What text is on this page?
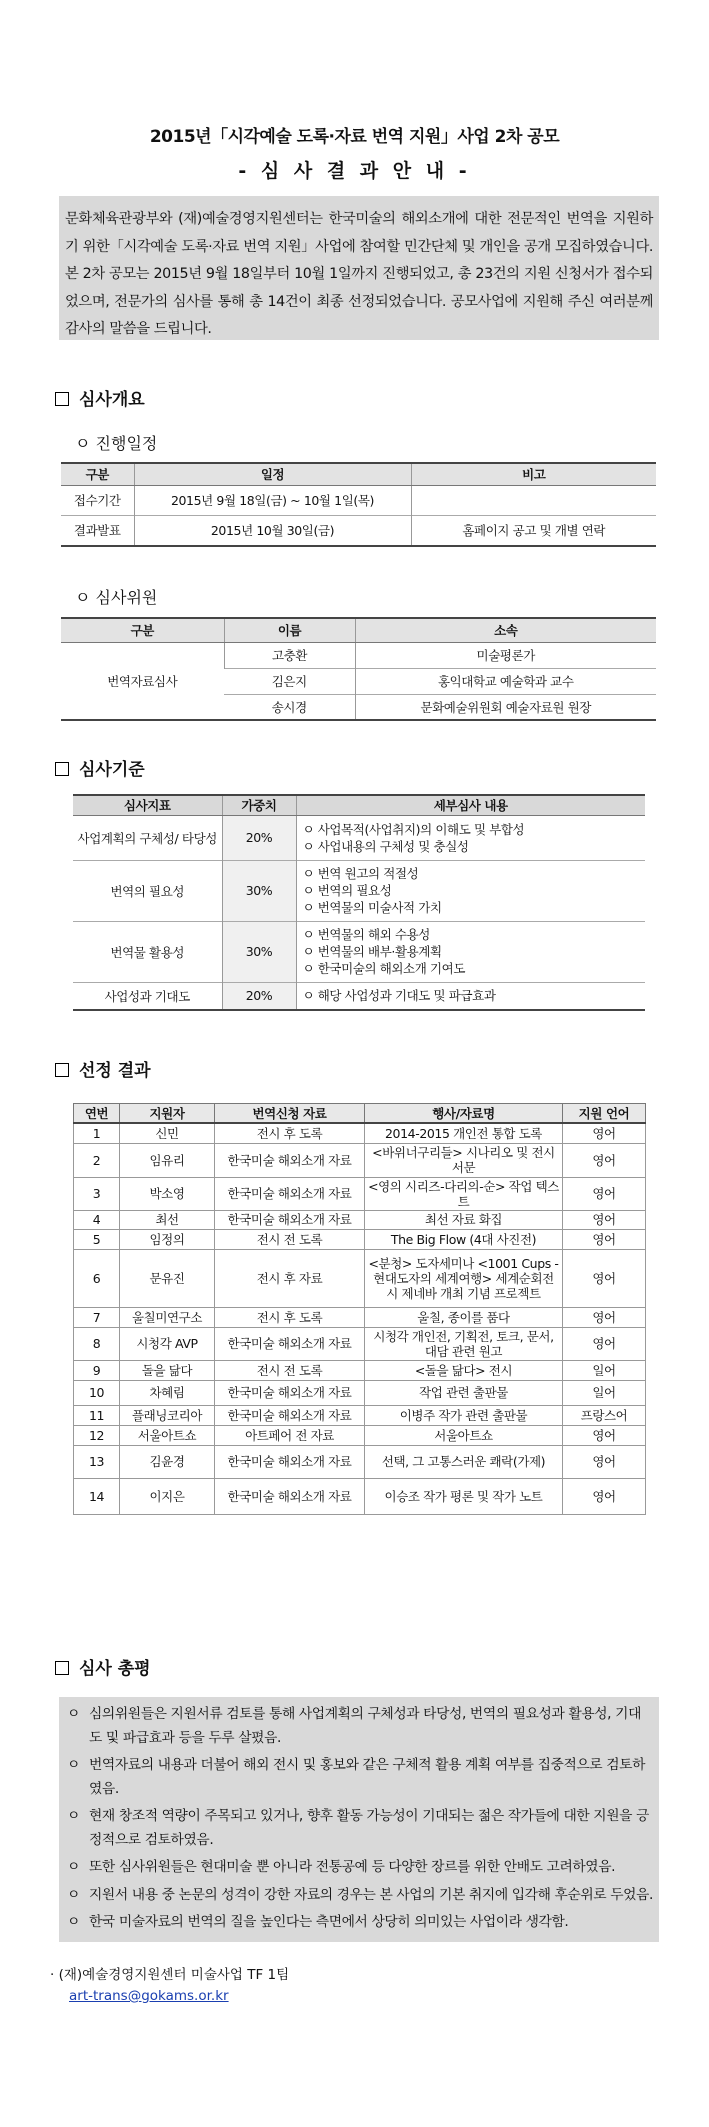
2015년「시각예술 도록·자료 번역 지원」사업 2차 공모
- 심 사 결 과 안 내 -
문화체육관광부와 (재)예술경영지원센터는 한국미술의 해외소개에 대한 전문적인 번역을 지원하기 위한「시각예술 도록·자료 번역 지원」사업에 참여할 민간단체 및 개인을 공개 모집하였습니다. 본 2차 공모는 2015년 9월 18일부터 10월 1일까지 진행되었고, 총 23건의 지원 신청서가 접수되었으며, 전문가의 심사를 통해 총 14건이 최종 선정되었습니다. 공모사업에 지원해 주신 여러분께 감사의 말씀을 드립니다.
심사개요
ㅇ 진행일정
구분	일정	비고
접수기간	2015년 9월 18일(금) ~ 10월 1일(목)	
결과발표	2015년 10월 30일(금)	홈페이지 공고 및 개별 연락
ㅇ 심사위원
구분	이름	소속
번역자료심사	고충환	미술평론가
	김은지	홍익대학교 예술학과 교수
	송시경	문화예술위원회 예술자료원 원장
심사기준
심사지표	가중치	세부심사 내용
사업계획의 구체성/ 타당성	20%	ㅇ 사업목적(사업취지)의 이해도 및 부합성
ㅇ 사업내용의 구체성 및 충실성

번역의 필요성	30%	ㅇ 번역 원고의 적절성
ㅇ 번역의 필요성
ㅇ 번역물의 미술사적 가치

번역물 활용성	30%	ㅇ 번역물의 해외 수용성
ㅇ 번역물의 배부·활용계획
ㅇ 한국미술의 해외소개 기여도

사업성과 기대도	20%	ㅇ 해당 사업성과 기대도 및 파급효과
선정 결과
연번	지원자	번역신청 자료	행사/자료명	지원 언어
1	신민	전시 후 도록	2014-2015 개인전 통합 도록	영어
2	임유리	한국미술 해외소개 자료	<바위너구리들> 시나리오 및 전시 서문	영어
3	박소영	한국미술 해외소개 자료	<영의 시리즈-다리의-순> 작업 텍스트	영어
4	최선	한국미술 해외소개 자료	최선 자료 화집	영어
5	임정의	전시 전 도록	The Big Flow (4대 사진전)	영어
6	문유진	전시 후 자료	<분청> 도자세미나 <1001 Cups - 현대도자의 세계여행> 세계순회전시 제네바 개최 기념 프로젝트	영어
7	울칠미연구소	전시 후 도록	울칠, 종이를 품다	영어
8	시청각 AVP	한국미술 해외소개 자료	시청각 개인전, 기획전, 토크, 문서, 대담 관련 원고	영어
9	돌을 닮다	전시 전 도록	<돌을 닮다> 전시	일어
10	차혜림	한국미술 해외소개 자료	작업 관련 출판물	일어
11	플래닝코리아	한국미술 해외소개 자료	이병주 작가 관련 출판물	프랑스어
12	서울아트쇼	아트페어 전 자료	서울아트쇼	영어
13	김윤경	한국미술 해외소개 자료	선택, 그 고통스러운 쾌락(가제)	영어
14	이지은	한국미술 해외소개 자료	이승조 작가 평론 및 작가 노트	영어
심사 총평
ㅇ 심의위원들은 지원서류 검토를 통해 사업계획의 구체성과 타당성, 번역의 필요성과 활용성, 기대도 및 파급효과 등을 두루 살폈음.
ㅇ 번역자료의 내용과 더불어 해외 전시 및 홍보와 같은 구체적 활용 계획 여부를 집중적으로 검토하였음.
ㅇ 현재 창조적 역량이 주목되고 있거나, 향후 활동 가능성이 기대되는 젊은 작가들에 대한 지원을 긍정적으로 검토하였음.
ㅇ 또한 심사위원들은 현대미술 뿐 아니라 전통공예 등 다양한 장르를 위한 안배도 고려하였음.
ㅇ 지원서 내용 중 논문의 성격이 강한 자료의 경우는 본 사업의 기본 취지에 입각해 후순위로 두었음.
ㅇ 한국 미술자료의 번역의 질을 높인다는 측면에서 상당히 의미있는 사업이라 생각함.
· (재)예술경영지원센터 미술사업 TF 1팀
art-trans@gokams.or.kr
